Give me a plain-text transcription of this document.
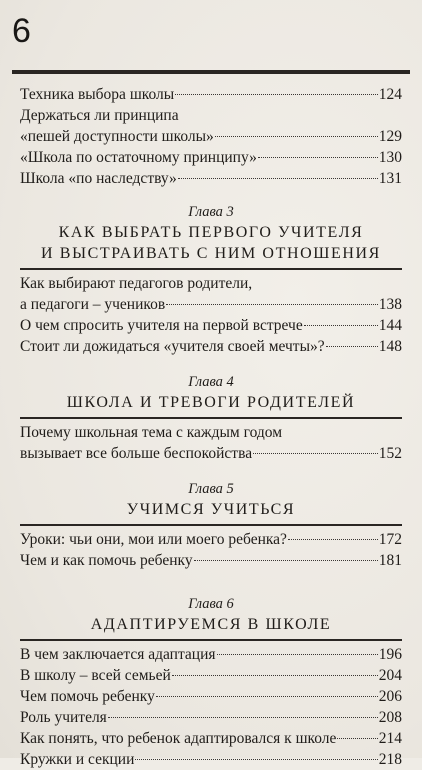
6
Техника выбора школы	124
Держаться ли принципа
«пешей доступности школы»	129
«Школа по остаточному принципу»	130
Школа «по наследству»	131
Глава 3
КАК ВЫБРАТЬ ПЕРВОГО УЧИТЕЛЯ
И ВЫСТРАИВАТЬ С НИМ ОТНОШЕНИЯ
Как выбирают педагогов родители,
а педагоги – учеников	138
О чем спросить учителя на первой встрече	144
Стоит ли дожидаться «учителя своей мечты»?	148
Глава 4
ШКОЛА И ТРЕВОГИ РОДИТЕЛЕЙ
Почему школьная тема с каждым годом
вызывает все больше беспокойства	152
Глава 5
УЧИМСЯ УЧИТЬСЯ
Уроки: чьи они, мои или моего ребенка?	172
Чем и как помочь ребенку	181
Глава 6
АДАПТИРУЕМСЯ В ШКОЛЕ
В чем заключается адаптация	196
В школу – всей семьей	204
Чем помочь ребенку	206
Роль учителя	208
Как понять, что ребенок адаптировался к школе	214
Кружки и секции	218
